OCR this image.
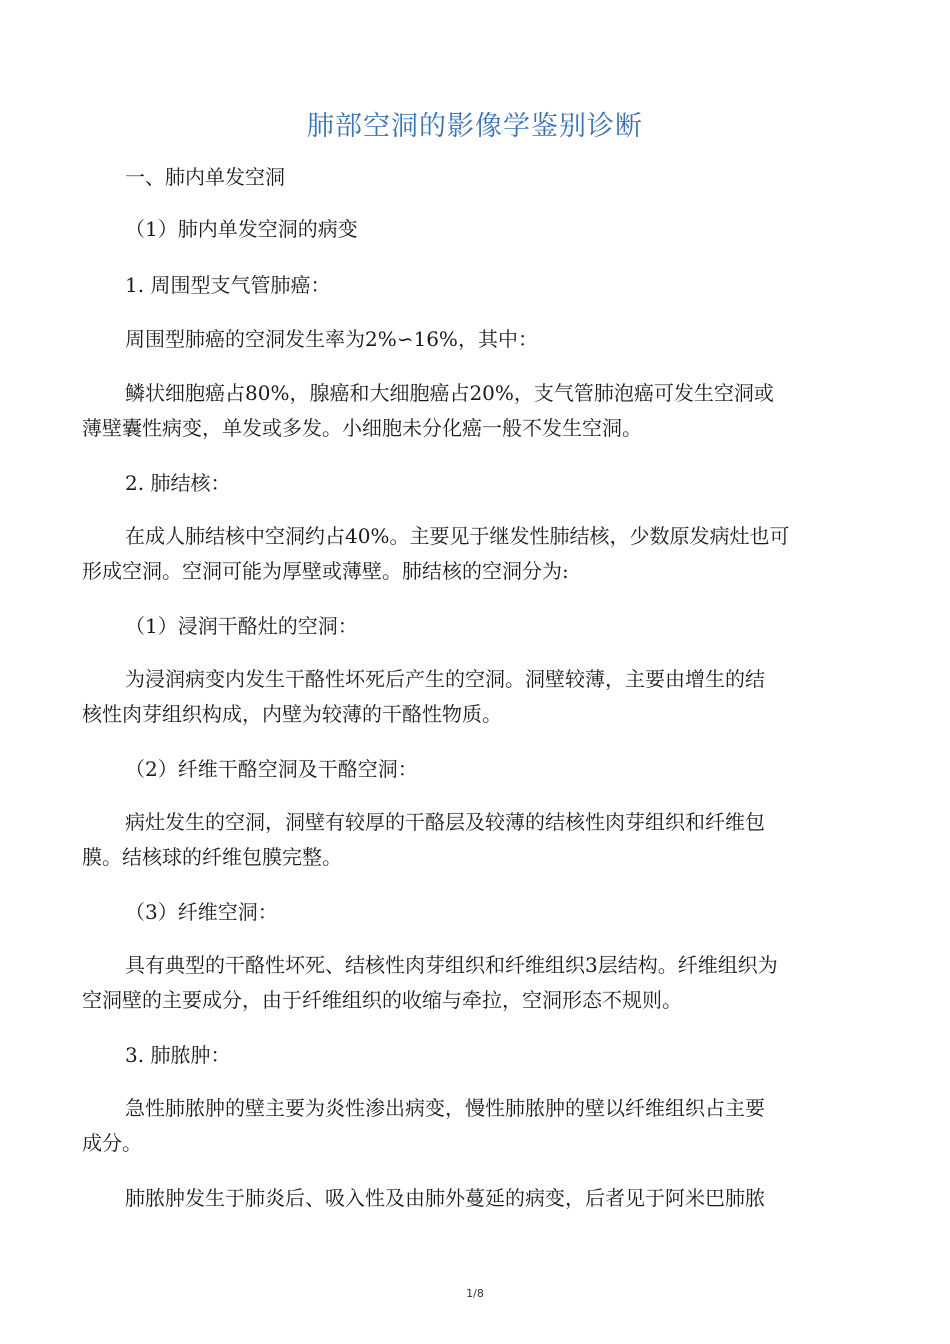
肺部空洞的影像学鉴别诊断
一、肺内单发空洞
（1）肺内单发空洞的病变
1. 周围型支气管肺癌：
周围型肺癌的空洞发生率为2%∽16%，其中：
鳞状细胞癌占80%，腺癌和大细胞癌占20%，支气管肺泡癌可发生空洞或
薄壁囊性病变，单发或多发。小细胞未分化癌一般不发生空洞。
2. 肺结核：
在成人肺结核中空洞约占40%。主要见于继发性肺结核，少数原发病灶也可
形成空洞。空洞可能为厚壁或薄壁。肺结核的空洞分为:
（1）浸润干酪灶的空洞：
为浸润病变内发生干酪性坏死后产生的空洞。洞壁较薄，主要由增生的结
核性肉芽组织构成，内壁为较薄的干酪性物质。
（2）纤维干酪空洞及干酪空洞：
病灶发生的空洞，洞壁有较厚的干酪层及较薄的结核性肉芽组织和纤维包
膜。结核球的纤维包膜完整。
（3）纤维空洞：
具有典型的干酪性坏死、结核性肉芽组织和纤维组织3层结构。纤维组织为
空洞壁的主要成分，由于纤维组织的收缩与牵拉，空洞形态不规则。
3. 肺脓肿：
急性肺脓肿的壁主要为炎性渗出病变，慢性肺脓肿的壁以纤维组织占主要
成分。
肺脓肿发生于肺炎后、吸入性及由肺外蔓延的病变，后者见于阿米巴肺脓
1/8
